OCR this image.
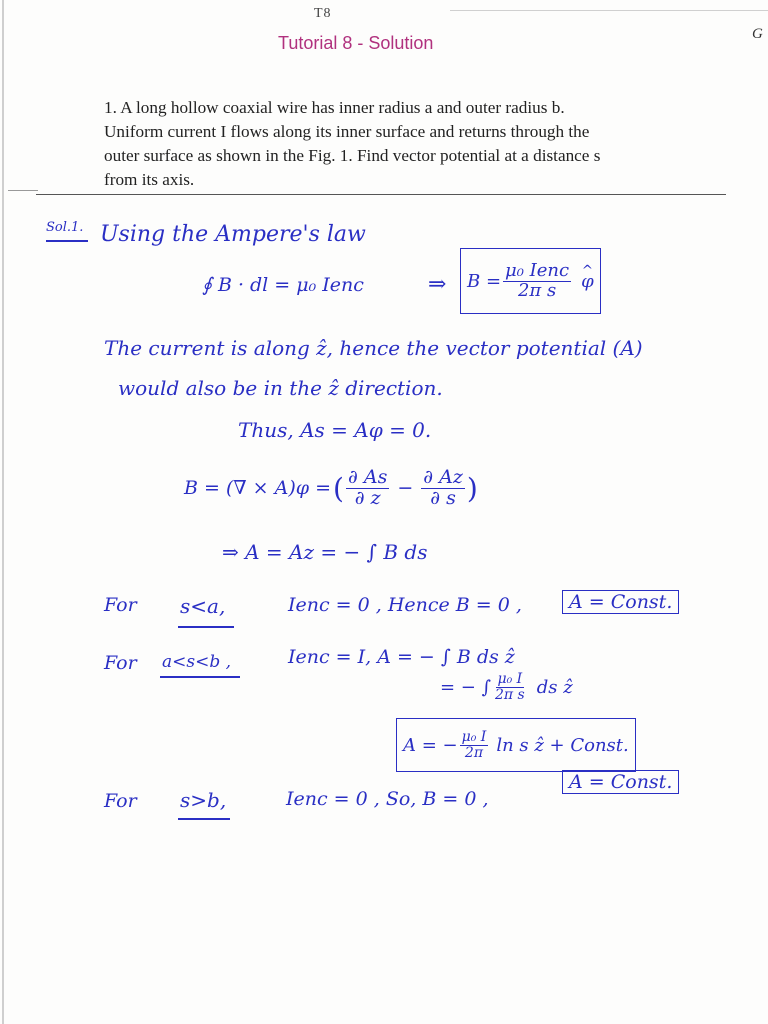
T8
G
Tutorial 8 - Solution
1. A long hollow coaxial wire has inner radius a and outer radius b.
Uniform current I flows along its inner surface and returns through the
outer surface as shown in the Fig. 1. Find vector potential at a distance s
from its axis.
Sol.1. Using the Ampere's law
∮ B · dl = μ₀ Ienc	⇒ $B = \frac{\text{μ₀ Ienc}}{\text{2π s}}$
^ φ
The current is along ẑ, hence the vector potential (A)
would also be in the ẑ direction.
Thus, As = Aφ = 0.
B = (∇ × A)φ = ( $\frac{\partial As}{\partial z} - \frac{\partial Az}{\partial s}$ )
⇒ A = Az = − ∫ B ds
For s<a,	Ienc = 0 , Hence B = 0 ,	A = Const.
For a<s<b ,	Ienc = I, A = − ∫ B ds ẑ
= − ∫ $\frac{\text{μ₀ I}}{\text{2π s}}$ ds ẑ
A = − $\frac{\text{μ₀ I}}{2\pi}$ ln s ẑ + Const.
For s>b,	Ienc = 0 , So, B = 0 ,
A = Const.
